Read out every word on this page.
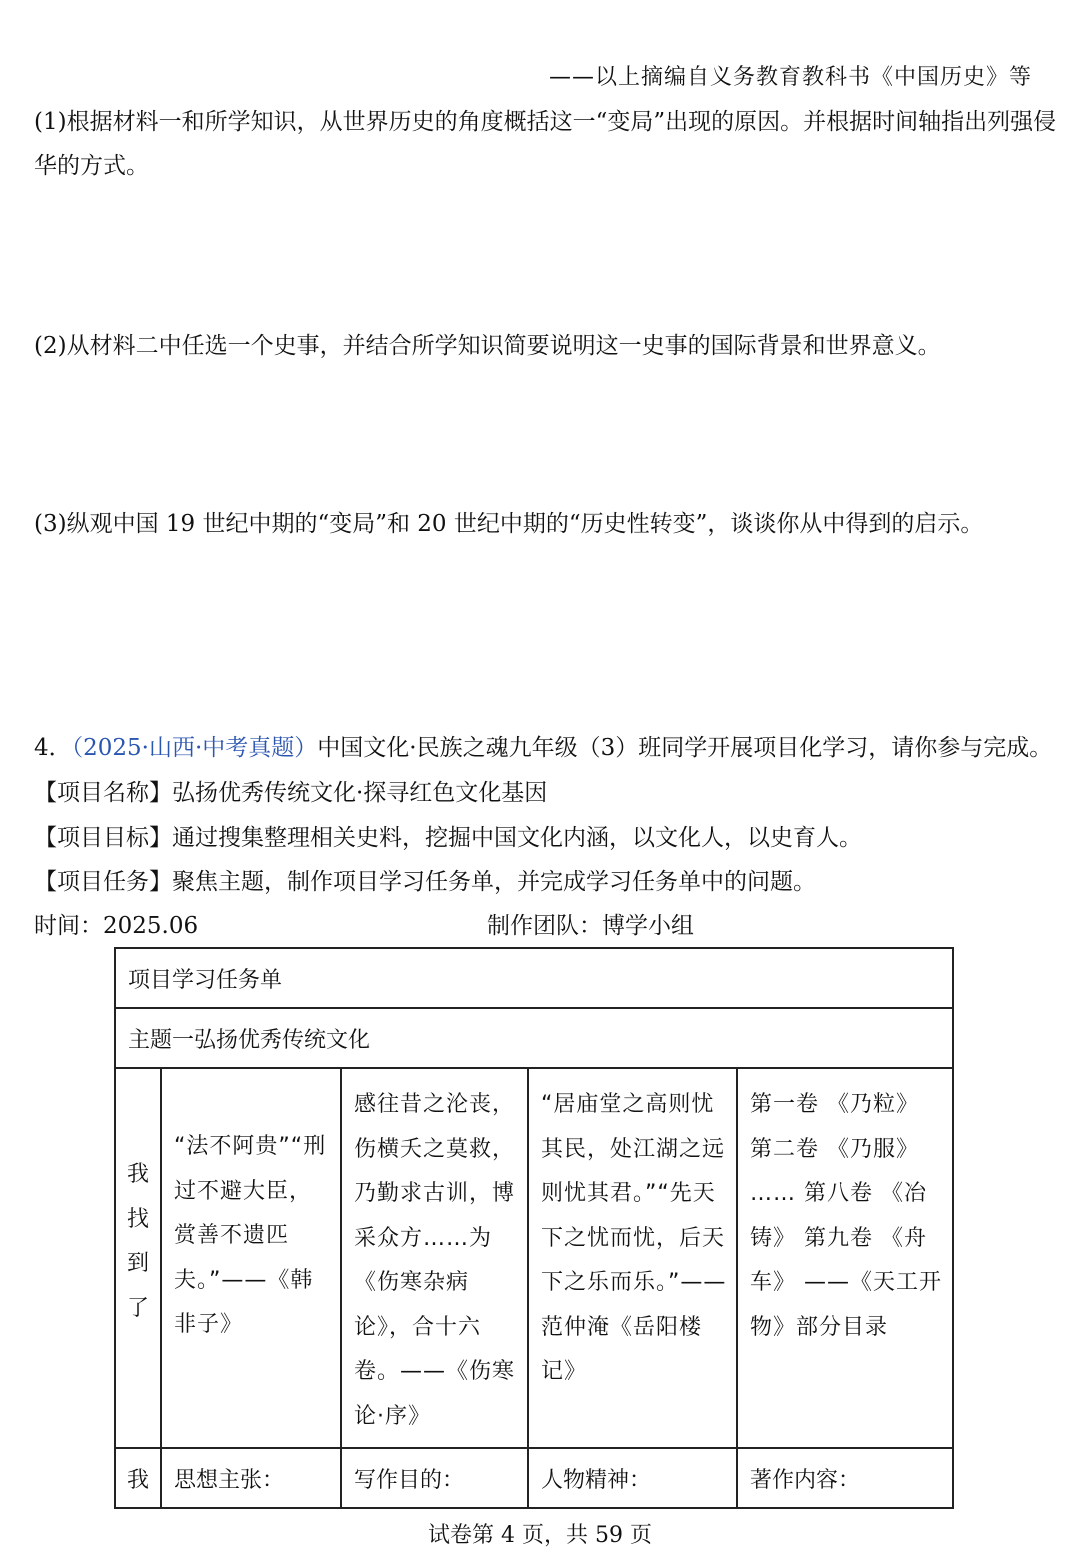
——以上摘编自义务教育教科书《中国历史》等
(1)根据材料一和所学知识，从世界历史的角度概括这一“变局”出现的原因。并根据时间轴指出列强侵
华的方式。
(2)从材料二中任选一个史事，并结合所学知识简要说明这一史事的国际背景和世界意义。
(3)纵观中国 19 世纪中期的“变局”和 20 世纪中期的“历史性转变”，谈谈你从中得到的启示。
4．（2025·山西·中考真题）中国文化·民族之魂九年级（3）班同学开展项目化学习，请你参与完成。
【项目名称】弘扬优秀传统文化·探寻红色文化基因
【项目目标】通过搜集整理相关史料，挖掘中国文化内涵，以文化人，以史育人。
【项目任务】聚焦主题，制作项目学习任务单，并完成学习任务单中的问题。
时间：2025.06	制作团队：博学小组
项目学习任务单				
主题一弘扬优秀传统文化				

我找到了	“法不阿贵”“刑过不避大臣，赏善不遗匹夫。”——《韩非子》	感往昔之沦丧，伤横夭之莫救，乃勤求古训，博采众方……为《伤寒杂病论》，合十六卷。——《伤寒论·序》	“居庙堂之高则忧其民，处江湖之远则忧其君。”“先天下之忧而忧，后天下之乐而乐。”——范仲淹《岳阳楼记》	第一卷 《乃粒》 第二卷 《乃服》 …… 第八卷 《冶铸》 第九卷 《舟车》 ——《天工开物》部分目录

我	思想主张：	写作目的：	人物精神：	著作内容：
试卷第 4 页，共 59 页
